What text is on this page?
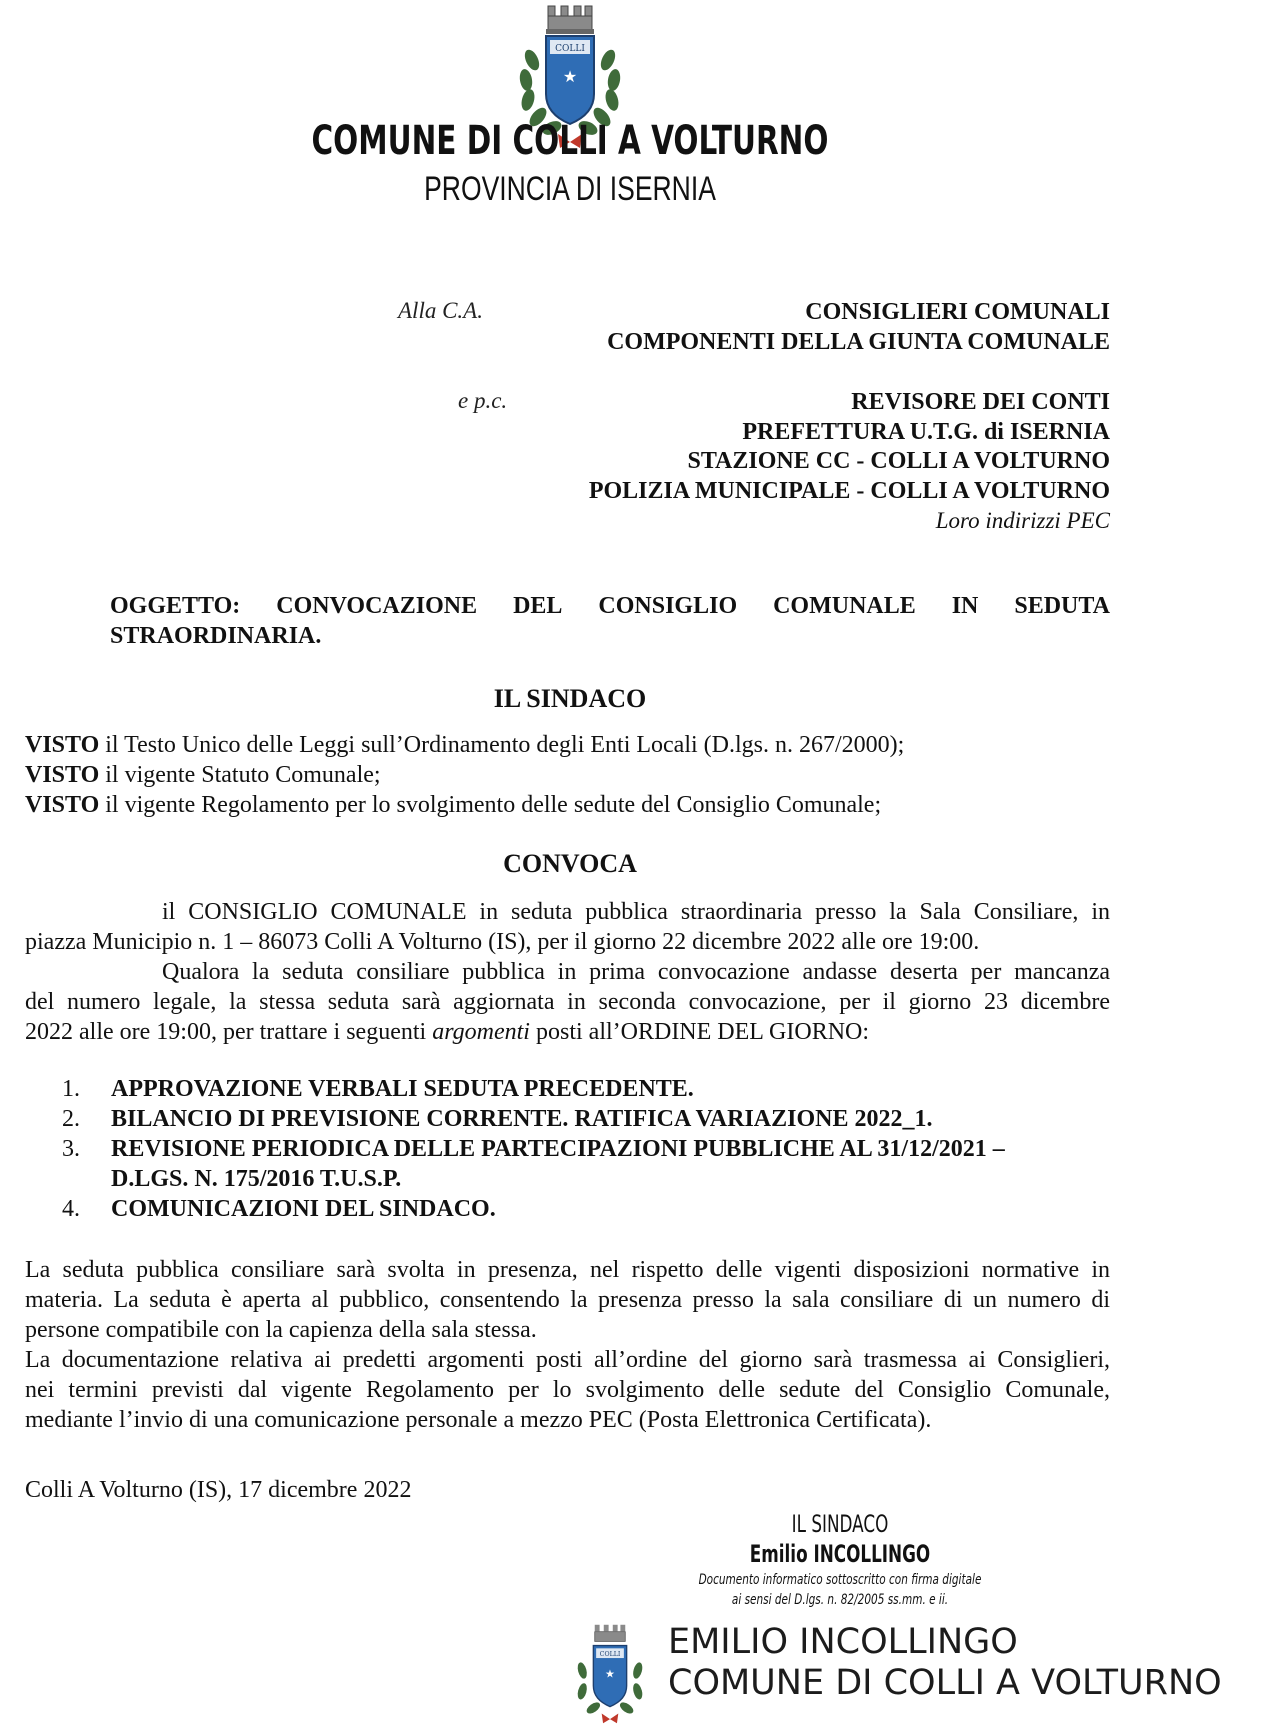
COLLI
★
COMUNE DI COLLI A VOLTURNO
PROVINCIA DI ISERNIA
Alla C.A.	CONSIGLIERI COMUNALI
COMPONENTI DELLA GIUNTA COMUNALE
e p.c.	REVISORE DEI CONTI
PREFETTURA U.T.G. di ISERNIA
STAZIONE CC - COLLI A VOLTURNO
POLIZIA MUNICIPALE - COLLI A VOLTURNO
Loro indirizzi PEC
OGGETTO: CONVOCAZIONE DEL CONSIGLIO COMUNALE IN SEDUTA
STRAORDINARIA.
IL SINDACO
VISTO il Testo Unico delle Leggi sull’Ordinamento degli Enti Locali (D.lgs. n. 267/2000);
VISTO il vigente Statuto Comunale;
VISTO il vigente Regolamento per lo svolgimento delle sedute del Consiglio Comunale;
CONVOCA
il CONSIGLIO COMUNALE in seduta pubblica straordinaria presso la Sala Consiliare, in
piazza Municipio n. 1 – 86073 Colli A Volturno (IS), per il giorno 22 dicembre 2022 alle ore 19:00.
Qualora la seduta consiliare pubblica in prima convocazione andasse deserta per mancanza
del numero legale, la stessa seduta sarà aggiornata in seconda convocazione, per il giorno 23 dicembre
2022 alle ore 19:00, per trattare i seguenti argomenti posti all’ORDINE DEL GIORNO:
1.	APPROVAZIONE VERBALI SEDUTA PRECEDENTE.
2.	BILANCIO DI PREVISIONE CORRENTE. RATIFICA VARIAZIONE 2022_1.
3.	REVISIONE PERIODICA DELLE PARTECIPAZIONI PUBBLICHE AL 31/12/2021 –
D.LGS. N. 175/2016 T.U.S.P.
4.	COMUNICAZIONI DEL SINDACO.
La seduta pubblica consiliare sarà svolta in presenza, nel rispetto delle vigenti disposizioni normative in
materia. La seduta è aperta al pubblico, consentendo la presenza presso la sala consiliare di un numero di
persone compatibile con la capienza della sala stessa.
La documentazione relativa ai predetti argomenti posti all’ordine del giorno sarà trasmessa ai Consiglieri,
nei termini previsti dal vigente Regolamento per lo svolgimento delle sedute del Consiglio Comunale,
mediante l’invio di una comunicazione personale a mezzo PEC (Posta Elettronica Certificata).
Colli A Volturno (IS), 17 dicembre 2022
IL SINDACO
Emilio INCOLLINGO
Documento informatico sottoscritto con firma digitale
ai sensi del D.lgs. n. 82/2005 ss.mm. e ii.
COLLI
★
EMILIO INCOLLINGO
COMUNE DI COLLI A VOLTURNO
